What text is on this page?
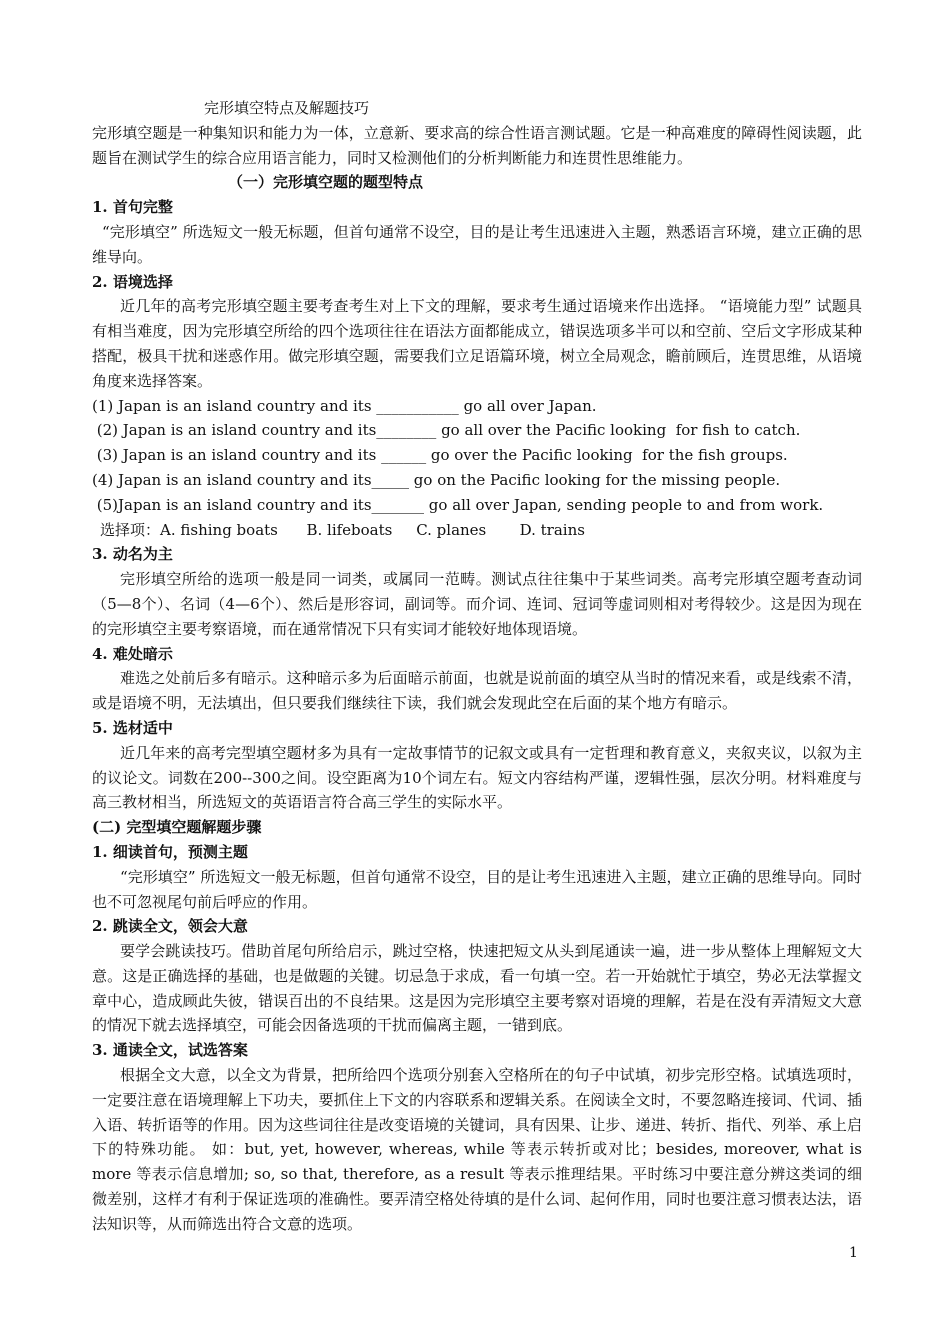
完形填空特点及解题技巧

完形填空题是一种集知识和能力为一体，立意新、要求高的综合性语言测试题。它是一种高难度的障碍性阅读题，此题旨在测试学生的综合应用语言能力，同时又检测他们的分析判断能力和连贯性思维能力。

（一）完形填空题的题型特点

1. 首句完整

“完形填空” 所选短文一般无标题，但首句通常不设空，目的是让考生迅速进入主题，熟悉语言环境，建立正确的思维导向。

2. 语境选择

近几年的高考完形填空题主要考查考生对上下文的理解，要求考生通过语境来作出选择。 “语境能力型” 试题具有相当难度，因为完形填空所给的四个选项往往在语法方面都能成立，错误选项多半可以和空前、空后文字形成某种搭配，极具干扰和迷惑作用。做完形填空题，需要我们立足语篇环境，树立全局观念，瞻前顾后，连贯思维，从语境角度来选择答案。

(1) Japan is an island country and its ___________ go all over Japan.

(2) Japan is an island country and its________ go all over the Pacific looking  for fish to catch.

(3) Japan is an island country and its ______ go over the Pacific looking  for the fish groups.

(4) Japan is an island country and its_____ go on the Pacific looking for the missing people.

(5)Japan is an island country and its_______ go all over Japan, sending people to and from work.

选择项：A. fishing boats      B. lifeboats     C. planes       D. trains

3. 动名为主

完形填空所给的选项一般是同一词类，或属同一范畴。测试点往往集中于某些词类。高考完形填空题考查动词（5—8个）、名词（4—6个）、然后是形容词，副词等。而介词、连词、冠词等虚词则相对考得较少。这是因为现在的完形填空主要考察语境，而在通常情况下只有实词才能较好地体现语境。

4. 难处暗示

难选之处前后多有暗示。这种暗示多为后面暗示前面，也就是说前面的填空从当时的情况来看，或是线索不清，或是语境不明，无法填出，但只要我们继续往下读，我们就会发现此空在后面的某个地方有暗示。

5. 选材适中

近几年来的高考完型填空题材多为具有一定故事情节的记叙文或具有一定哲理和教育意义，夹叙夹议，以叙为主的议论文。词数在200--300之间。设空距离为10个词左右。短文内容结构严谨，逻辑性强，层次分明。材料难度与高三教材相当，所选短文的英语语言符合高三学生的实际水平。

(二) 完型填空题解题步骤

1. 细读首句，预测主题

“完形填空” 所选短文一般无标题，但首句通常不设空，目的是让考生迅速进入主题，建立正确的思维导向。同时也不可忽视尾句前后呼应的作用。

2. 跳读全文，领会大意

要学会跳读技巧。借助首尾句所给启示，跳过空格，快速把短文从头到尾通读一遍，进一步从整体上理解短文大意。这是正确选择的基础，也是做题的关键。切忌急于求成，看一句填一空。若一开始就忙于填空，势必无法掌握文章中心，造成顾此失彼，错误百出的不良结果。这是因为完形填空主要考察对语境的理解，若是在没有弄清短文大意的情况下就去选择填空，可能会因备选项的干扰而偏离主题，一错到底。

3. 通读全文，试选答案

根据全文大意，以全文为背景，把所给四个选项分别套入空格所在的句子中试填，初步完形空格。试填选项时，一定要注意在语境理解上下功夫，要抓住上下文的内容联系和逻辑关系。在阅读全文时，不要忽略连接词、代词、插入语、转折语等的作用。因为这些词往往是改变语境的关键词，具有因果、让步、递进、转折、指代、列举、承上启下的特殊功能。 如：but, yet, however, whereas, while 等表示转折或对比；besides, moreover, what is more 等表示信息增加; so, so that, therefore, as a result 等表示推理结果。平时练习中要注意分辨这类词的细微差别，这样才有利于保证选项的准确性。要弄清空格处待填的是什么词、起何作用，同时也要注意习惯表达法，语法知识等，从而筛选出符合文意的选项。

1
